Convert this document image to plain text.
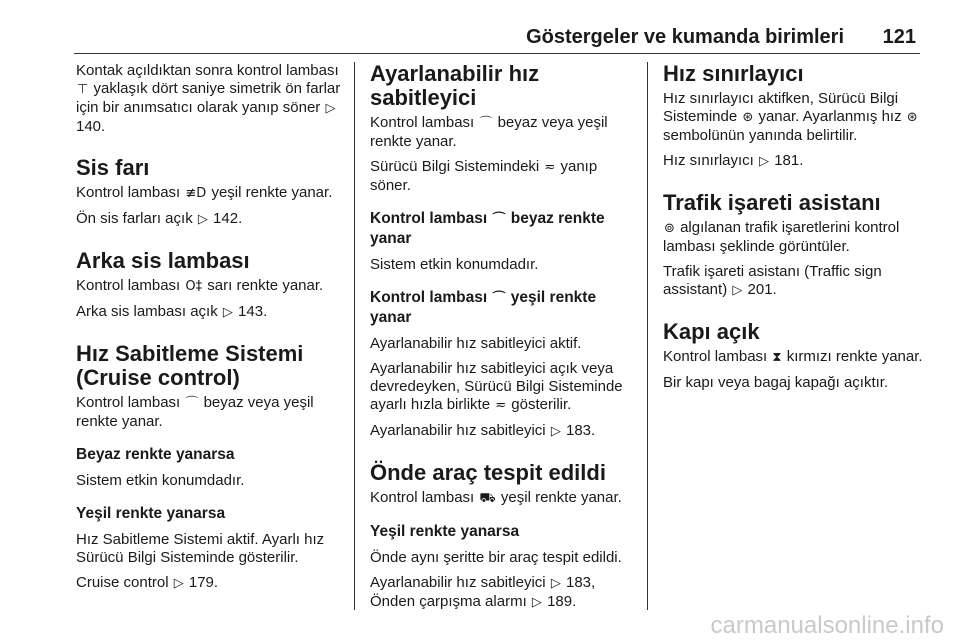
Göstergeler ve kumanda birimleri 121

Kontak açıldıktan sonra kontrol lambası ⊤ yaklaşık dört saniye simetrik ön farlar için bir anımsatıcı olarak yanıp söner ▷ 140.

Sis farı

Kontrol lambası ≢D yeşil renkte yanar.

Ön sis farları açık ▷ 142.

Arka sis lambası

Kontrol lambası O‡ sarı renkte yanar.

Arka sis lambası açık ▷ 143.

Hız Sabitleme Sistemi (Cruise control)

Kontrol lambası ⌒ beyaz veya yeşil renkte yanar.

Beyaz renkte yanarsa

Sistem etkin konumdadır.

Yeşil renkte yanarsa

Hız Sabitleme Sistemi aktif. Ayarlı hız Sürücü Bilgi Sisteminde gösterilir.

Cruise control ▷ 179.

Ayarlanabilir hız sabitleyici

Kontrol lambası ⌒ beyaz veya yeşil renkte yanar.

Sürücü Bilgi Sistemindeki ≂ yanıp söner.

Kontrol lambası ⌒ beyaz renkte yanar

Sistem etkin konumdadır.

Kontrol lambası ⌒ yeşil renkte yanar

Ayarlanabilir hız sabitleyici aktif.

Ayarlanabilir hız sabitleyici açık veya devredeyken, Sürücü Bilgi Sisteminde ayarlı hızla birlikte ≂ gösterilir.

Ayarlanabilir hız sabitleyici ▷ 183.

Önde araç tespit edildi

Kontrol lambası ⛟ yeşil renkte yanar.

Yeşil renkte yanarsa

Önde aynı şeritte bir araç tespit edildi.

Ayarlanabilir hız sabitleyici ▷ 183, Önden çarpışma alarmı ▷ 189.

Hız sınırlayıcı

Hız sınırlayıcı aktifken, Sürücü Bilgi Sisteminde ⊛ yanar. Ayarlanmış hız ⊛ sembolünün yanında belirtilir.

Hız sınırlayıcı ▷ 181.

Trafik işareti asistanı

⊚ algılanan trafik işaretlerini kontrol lambası şeklinde görüntüler.

Trafik işareti asistanı (Traffic sign assistant) ▷ 201.

Kapı açık

Kontrol lambası ⧗ kırmızı renkte yanar.

Bir kapı veya bagaj kapağı açıktır.

carmanualsonline.info
